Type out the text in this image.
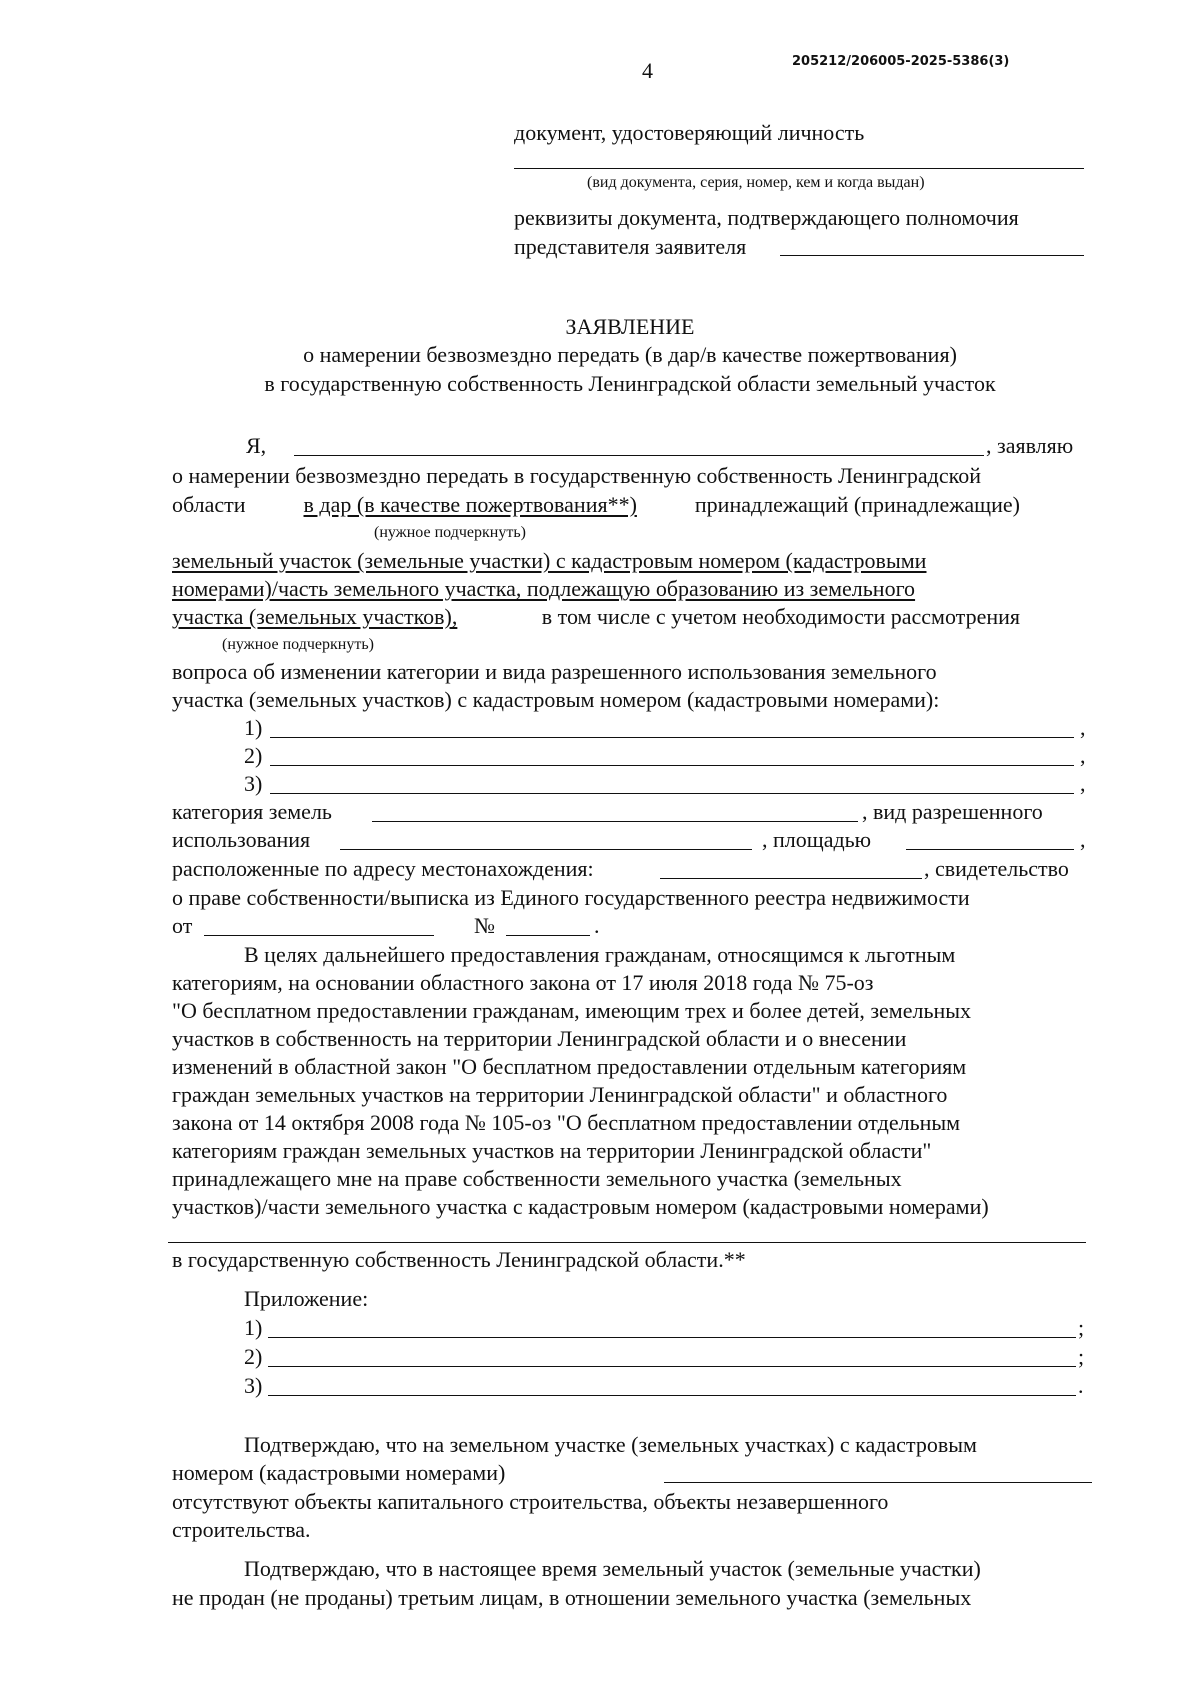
4	205212/206005-2025-5386(3)
документ, удостоверяющий личность
(вид документа, серия, номер, кем и когда выдан)
реквизиты документа, подтверждающего полномочия
представителя заявителя
ЗАЯВЛЕНИЕ
о намерении безвозмездно передать (в дар/в качестве пожертвования)
в государственную собственность Ленинградской области земельный участок
Я,	, заявляю
о намерении безвозмездно передать в государственную собственность Ленинградской
области	в дар (в качестве пожертвования**)	принадлежащий (принадлежащие)
(нужное подчеркнуть)
земельный участок (земельные участки) с кадастровым номером (кадастровыми
номерами)/часть земельного участка, подлежащую образованию из земельного
участка (земельных участков),	в том числе с учетом необходимости рассмотрения
(нужное подчеркнуть)
вопроса об изменении категории и вида разрешенного использования земельного
участка (земельных участков) с кадастровым номером (кадастровыми номерами):
1)	,
2)	,
3)	,
категория земель	, вид разрешенного
использования	, площадью	,
расположенные по адресу местонахождения:	, свидетельство
о праве собственности/выписка из Единого государственного реестра недвижимости
от	№	.
В целях дальнейшего предоставления гражданам, относящимся к льготным
категориям, на основании областного закона от 17 июля 2018 года № 75-оз
"О бесплатном предоставлении гражданам, имеющим трех и более детей, земельных
участков в собственность на территории Ленинградской области и о внесении
изменений в областной закон "О бесплатном предоставлении отдельным категориям
граждан земельных участков на территории Ленинградской области" и областного
закона от 14 октября 2008 года № 105-оз "О бесплатном предоставлении отдельным
категориям граждан земельных участков на территории Ленинградской области"
принадлежащего мне на праве собственности земельного участка (земельных
участков)/части земельного участка с кадастровым номером (кадастровыми номерами)
в государственную собственность Ленинградской области.**
Приложение:
1)	;
2)	;
3)	.
Подтверждаю, что на земельном участке (земельных участках) с кадастровым
номером (кадастровыми номерами)
отсутствуют объекты капитального строительства, объекты незавершенного
строительства.
Подтверждаю, что в настоящее время земельный участок (земельные участки)
не продан (не проданы) третьим лицам, в отношении земельного участка (земельных
